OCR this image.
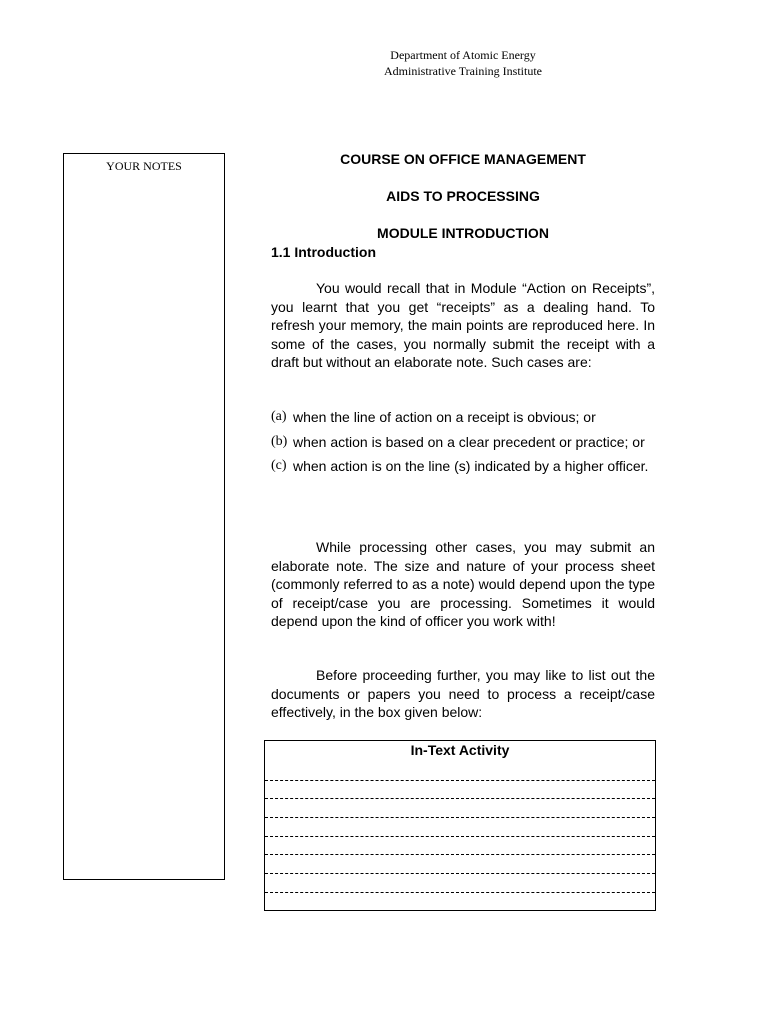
Department of Atomic Energy
Administrative Training Institute
YOUR NOTES	COURSE ON OFFICE MANAGEMENT
AIDS TO PROCESSING
MODULE INTRODUCTION
1.1 Introduction

You would recall that in Module “Action on Receipts”, you learnt that you get “receipts” as a dealing hand. To refresh your memory, the main points are reproduced here. In some of the cases, you normally submit the receipt with a draft but without an elaborate note. Such cases are:

(a) when the line of action on a receipt is obvious; or
(b) when action is based on a clear precedent or practice; or
(c) when action is on the line (s) indicated by a higher officer.

While processing other cases, you may submit an elaborate note. The size and nature of your process sheet (commonly referred to as a note) would depend upon the type of receipt/case you are processing. Sometimes it would depend upon the kind of officer you work with!

Before proceeding further, you may like to list out the documents or papers you need to process a receipt/case effectively, in the box given below:

In-Text Activity
